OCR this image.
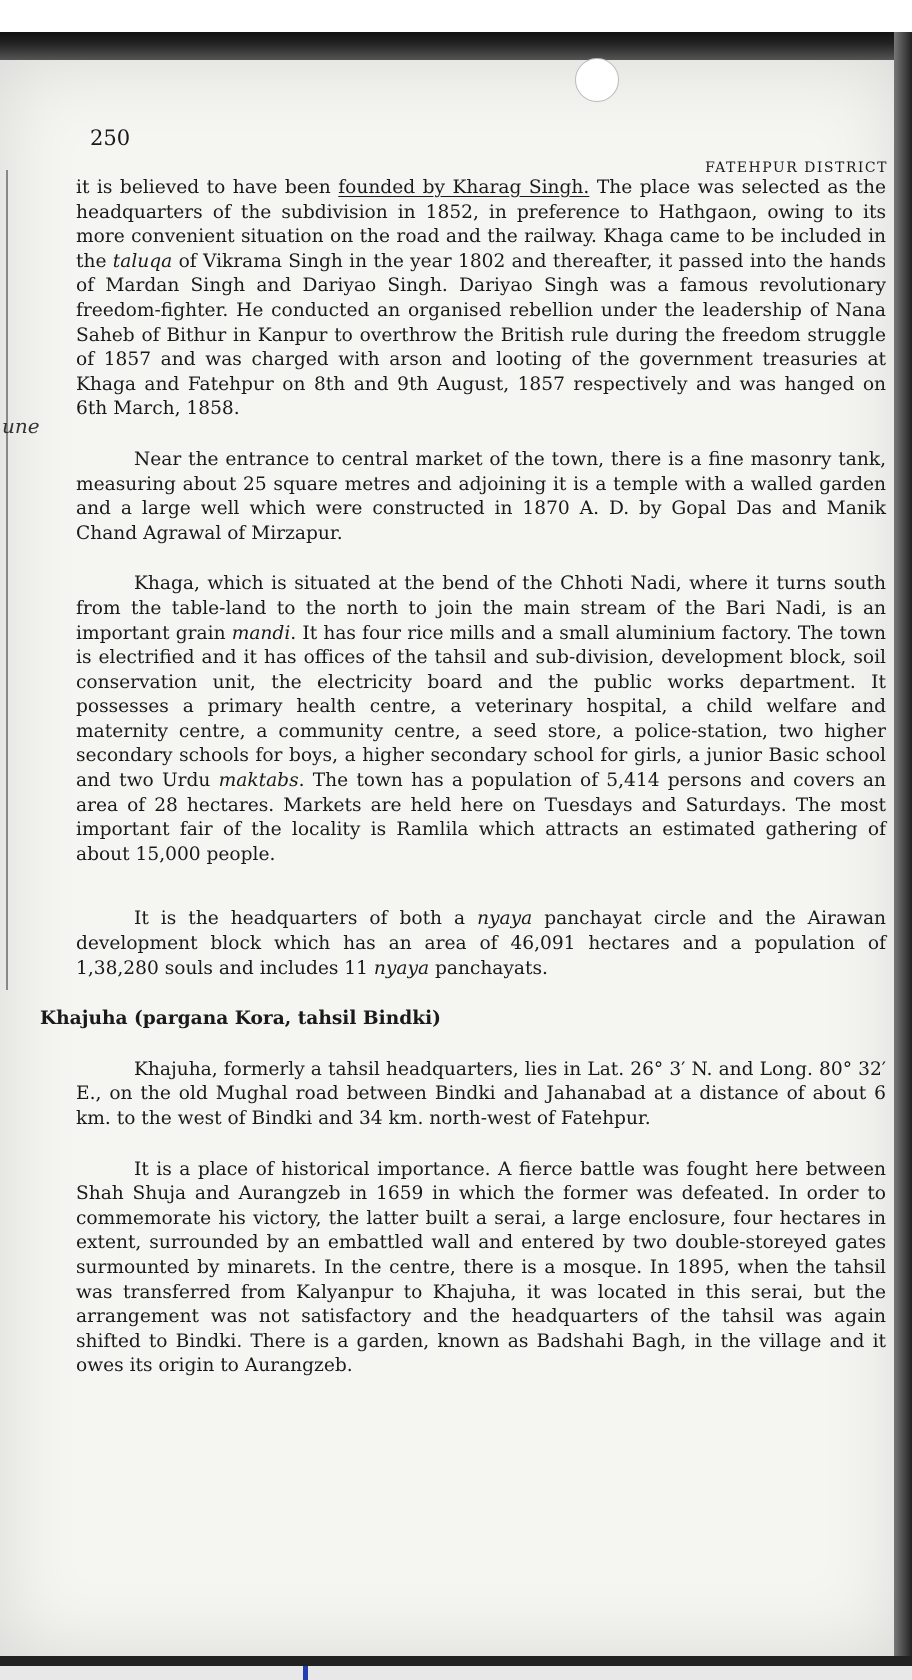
250
FATEHPUR DISTRICT
une

it is believed to have been founded by Kharag Singh. The place was selected as the headquarters of the subdivision in 1852, in preference to Hathgaon, owing to its more convenient situation on the road and the railway. Khaga came to be included in the taluqa of Vikrama Singh in the year 1802 and thereafter, it passed into the hands of Mardan Singh and Dariyao Singh. Dariyao Singh was a famous revolutionary freedom-fighter. He conducted an organised rebellion under the leadership of Nana Saheb of Bithur in Kanpur to overthrow the British rule during the freedom struggle of 1857 and was charged with arson and looting of the government treasuries at Khaga and Fatehpur on 8th and 9th August, 1857 respectively and was hanged on 6th March, 1858.

Near the entrance to central market of the town, there is a fine masonry tank, measuring about 25 square metres and adjoining it is a temple with a walled garden and a large well which were constructed in 1870 A. D. by Gopal Das and Manik Chand Agrawal of Mirzapur.

Khaga, which is situated at the bend of the Chhoti Nadi, where it turns south from the table-land to the north to join the main stream of the Bari Nadi, is an important grain mandi. It has four rice mills and a small aluminium factory. The town is electrified and it has offices of the tahsil and sub-division, development block, soil conservation unit, the electricity board and the public works department. It possesses a primary health centre, a veterinary hospital, a child welfare and maternity centre, a community centre, a seed store, a police-station, two higher secondary schools for boys, a higher secondary school for girls, a junior Basic school and two Urdu maktabs. The town has a population of 5,414 persons and covers an area of 28 hectares. Markets are held here on Tuesdays and Saturdays. The most important fair of the locality is Ramlila which attracts an estimated gathering of about 15,000 people.

It is the headquarters of both a nyaya panchayat circle and the Airawan development block which has an area of 46,091 hectares and a population of 1,38,280 souls and includes 11 nyaya panchayats.

Khajuha (pargana Kora, tahsil Bindki)

Khajuha, formerly a tahsil headquarters, lies in Lat. 26° 3′ N. and Long. 80° 32′ E., on the old Mughal road between Bindki and Jahanabad at a distance of about 6 km. to the west of Bindki and 34 km. north-west of Fatehpur.

It is a place of historical importance. A fierce battle was fought here between Shah Shuja and Aurangzeb in 1659 in which the former was defeated. In order to commemorate his victory, the latter built a serai, a large enclosure, four hectares in extent, surrounded by an embattled wall and entered by two double-storeyed gates surmounted by minarets. In the centre, there is a mosque. In 1895, when the tahsil was transferred from Kalyanpur to Khajuha, it was located in this serai, but the arrangement was not satisfactory and the headquarters of the tahsil was again shifted to Bindki. There is a garden, known as Badshahi Bagh, in the village and it owes its origin to Aurangzeb.
